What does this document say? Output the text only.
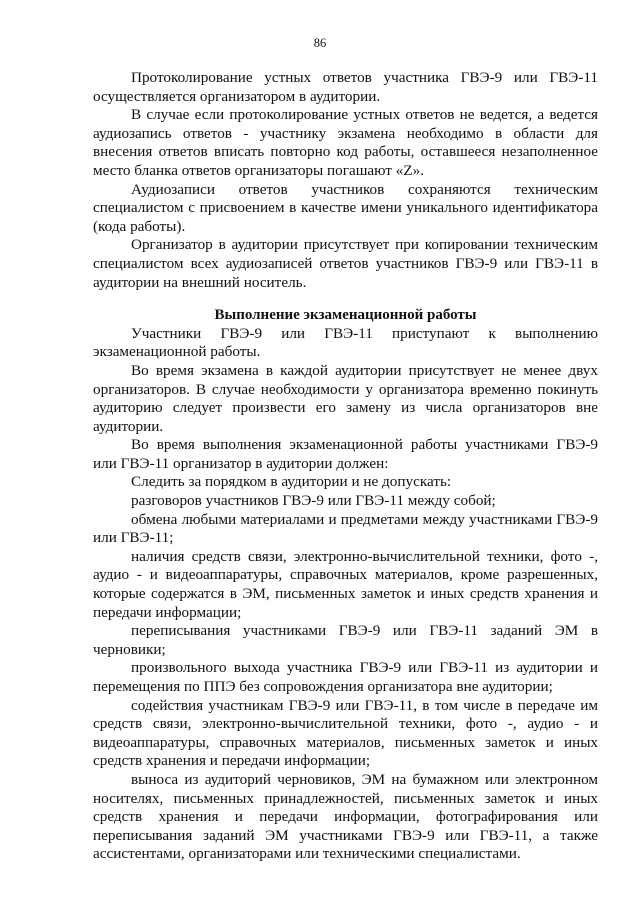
86

Протоколирование устных ответов участника ГВЭ-9 или ГВЭ-11 осуществляется организатором в аудитории.

В случае если протоколирование устных ответов не ведется, а ведется аудиозапись ответов - участнику экзамена необходимо в области для внесения ответов вписать повторно код работы, оставшееся незаполненное место бланка ответов организаторы погашают «Z».

Аудиозаписи ответов участников сохраняются техническим специалистом с присвоением в качестве имени уникального идентификатора (кода работы).

Организатор в аудитории присутствует при копировании техническим специалистом всех аудиозаписей ответов участников ГВЭ-9 или ГВЭ-11 в аудитории на внешний носитель.

Выполнение экзаменационной работы

Участники ГВЭ-9 или ГВЭ-11 приступают к выполнению экзаменационной работы.

Во время экзамена в каждой аудитории присутствует не менее двух организаторов. В случае необходимости у организатора временно покинуть аудиторию следует произвести его замену из числа организаторов вне аудитории.

Во время выполнения экзаменационной работы участниками ГВЭ-9 или ГВЭ-11 организатор в аудитории должен:

Следить за порядком в аудитории и не допускать:

разговоров участников ГВЭ-9 или ГВЭ-11 между собой;

обмена любыми материалами и предметами между участниками ГВЭ-9 или ГВЭ-11;

наличия средств связи, электронно-вычислительной техники, фото -, аудио - и видеоаппаратуры, справочных материалов, кроме разрешенных, которые содержатся в ЭМ, письменных заметок и иных средств хранения и передачи информации;

переписывания участниками ГВЭ-9 или ГВЭ-11 заданий ЭМ в черновики;

произвольного выхода участника ГВЭ-9 или ГВЭ-11 из аудитории и перемещения по ППЭ без сопровождения организатора вне аудитории;

содействия участникам ГВЭ-9 или ГВЭ-11, в том числе в передаче им средств связи, электронно-вычислительной техники, фото -, аудио - и видеоаппаратуры, справочных материалов, письменных заметок и иных средств хранения и передачи информации;

выноса из аудиторий черновиков, ЭМ на бумажном или электронном носителях, письменных принадлежностей, письменных заметок и иных средств хранения и передачи информации, фотографирования или переписывания заданий ЭМ участниками ГВЭ-9 или ГВЭ-11, а также ассистентами, организаторами или техническими специалистами.
